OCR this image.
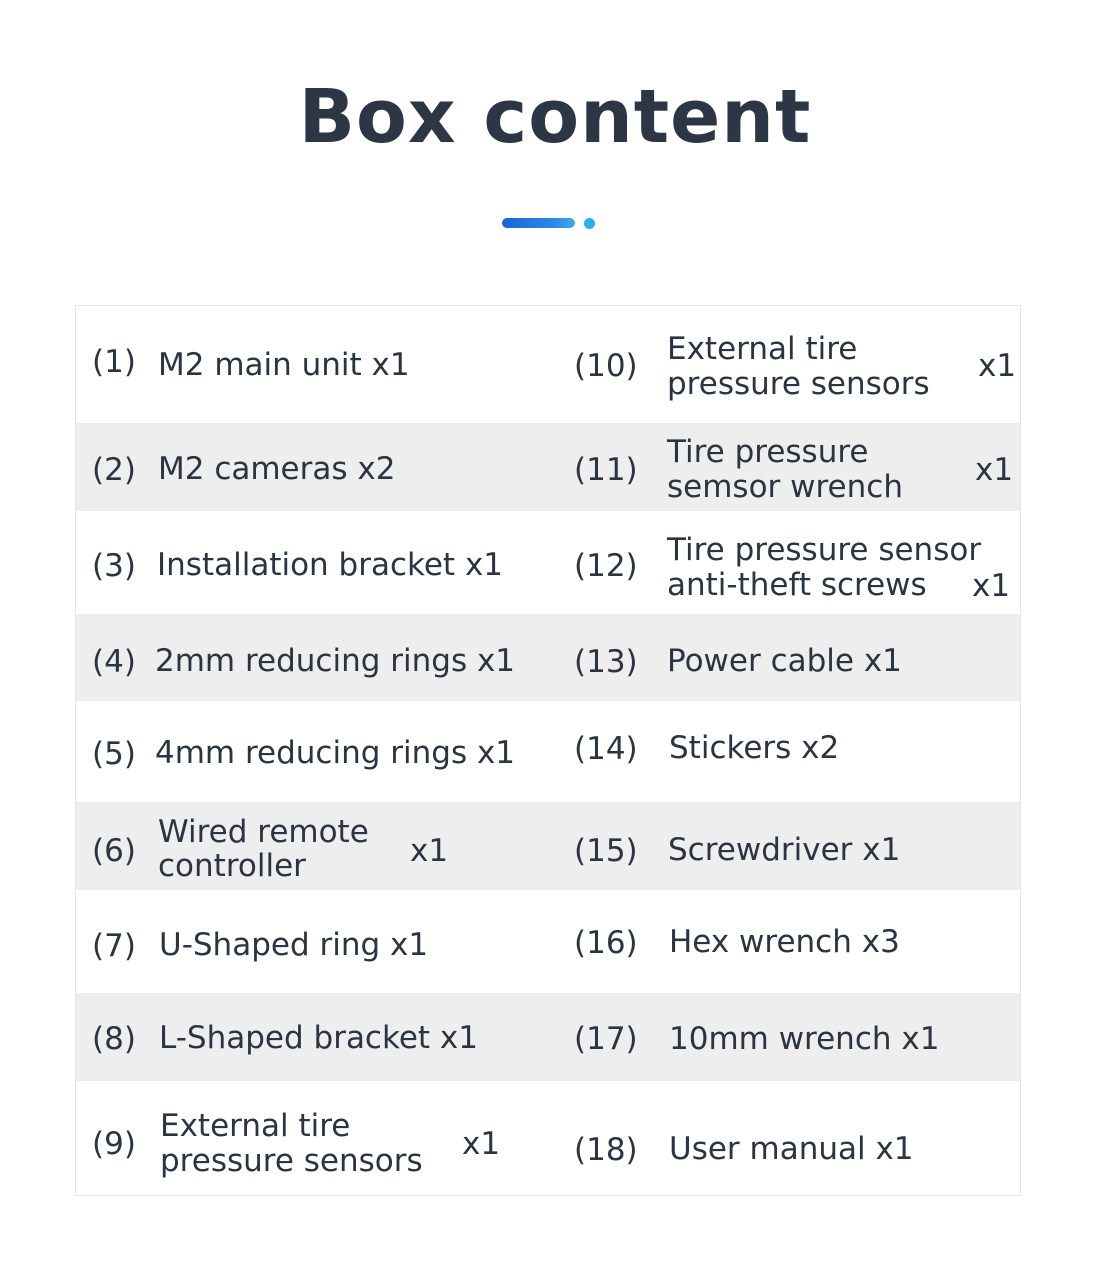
Box content
(1) M2 main unit x1	(10) External tire
pressure sensors x1
(2) M2 cameras x2	(11) Tire pressure
semsor wrench x1
(3) Installation bracket x1 (12) Tire pressure sensor
anti-theft screws x1
(4) 2mm reducing rings x1 (13) Power cable x1
(5) 4mm reducing rings x1 (14) Stickers x2
(6)
Wired remote
controller	x1	(15) Screwdriver x1
(7) U-Shaped ring x1	(16) Hex wrench x3
(8) L-Shaped bracket x1	(17) 10mm wrench x1
(9) External tire
pressure sensors x1 (18) User manual x1
